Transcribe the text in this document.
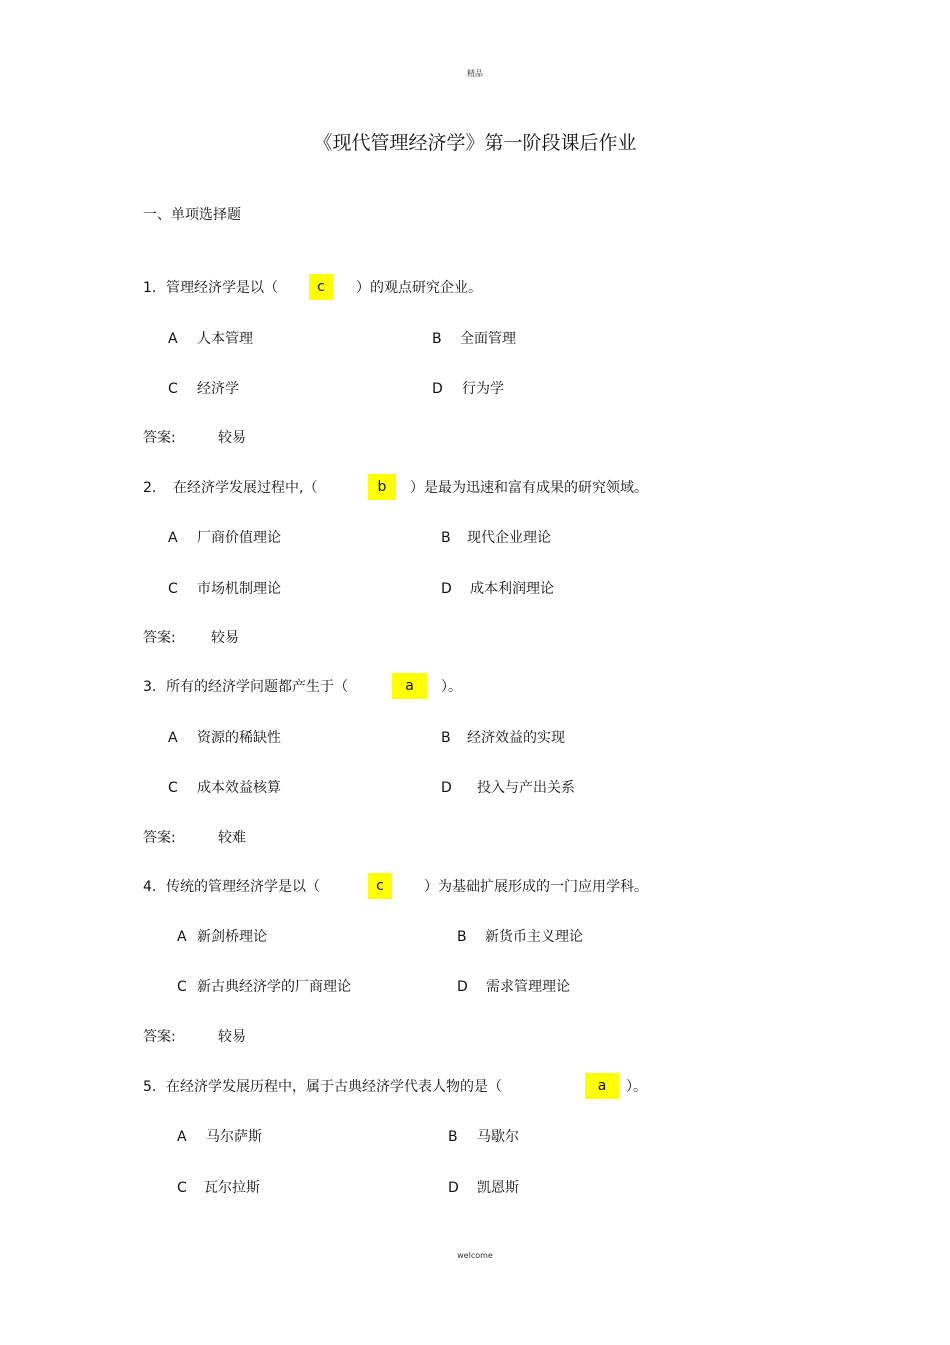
精品
《现代管理经济学》第一阶段课后作业
一、单项选择题
1. 管理经济学是以（	c	）的观点研究企业。
A 人本管理	B 全面管理
C 经济学	D 行为学
答案:	较易
2. 在经济学发展过程中,（	b	）是最为迅速和富有成果的研究领域。
A 厂商价值理论	B 现代企业理论
C 市场机制理论	D 成本利润理论
答案:	较易
3. 所有的经济学问题都产生于（	a	）。
A 资源的稀缺性	B 经济效益的实现
C 成本效益核算	D 投入与产出关系
答案:	较难
4. 传统的管理经济学是以（	c	）为基础扩展形成的一门应用学科。
A 新剑桥理论	B 新货币主义理论
C 新古典经济学的厂商理论	D 需求管理理论
答案:	较易
5. 在经济学发展历程中，属于古典经济学代表人物的是（	a	）。
A 马尔萨斯	B 马歇尔
C 瓦尔拉斯	D 凯恩斯
welcome
